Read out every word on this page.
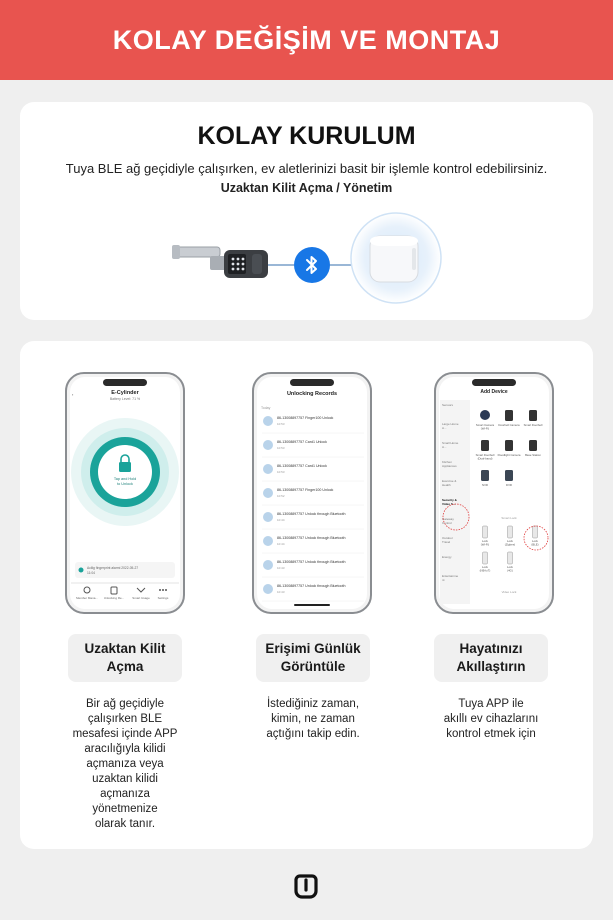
KOLAY DEĞİŞİM VE MONTAJ
KOLAY KURULUM
Tuya BLE ağ geçidiyle çalışırken, ev aletlerinizi basit bir işlemle kontrol edebilirsiniz.
Uzaktan Kilit Açma / Yönetim
‹	E-Cylinder
Battery Level: 71 %
Tap and Hold
to Unlock
Acilig fingerprint alarmi 2022-05-27
11:04
Member Mana... Unlocking Re...	Smart Usage	Settings
Unlocking Records
Today
86-13008897757 Finger100 Unlock
10:53
86-13008897757 Card1 Unlock
10:53
86-13008897757 Card1 Unlock
10:53
86-13008897757 Finger100 Unlock
10:52
86-13008897757 Unlock through Bluetooth
10:44
86-13008897757 Unlock through Bluetooth
10:44
86-13008897757 Unlock through Bluetooth
10:43
86-13008897757 Unlock through Bluetooth
10:43
Add Device
Sensors
Large Home
A...
Small Home
A...
Kitchen
Appliances
Exercise &
Health
Security &
Video S...
Gateway
Control
Outdoor
Travel
Energy
Entertainme
nt
Smart Camera
(Wi-Fi)
Doorbell Camera Smart Doorbell
Smart Doorbell
(Dual-band)
Floodlight Camera Base Station
NVR	DVR
Smart Lock
Lock
(Wi-Fi)
Lock
(Zigbee)
Lock
(BLE)
Lock
(NB-IoT)
Lock
(4G)
Video Lock
Uzaktan Kilit
Açma
Erişimi Günlük
Görüntüle
Hayatınızı
Akıllaştırın
Bir ağ geçidiyle
çalışırken BLE
mesafesi içinde APP
aracılığıyla kilidi
açmanıza veya
uzaktan kilidi
açmanıza
yönetmenize
olarak tanır.
İstediğiniz zaman,
kimin, ne zaman
açtığını takip edin.
Tuya APP ile
akıllı ev cihazlarını
kontrol etmek için
